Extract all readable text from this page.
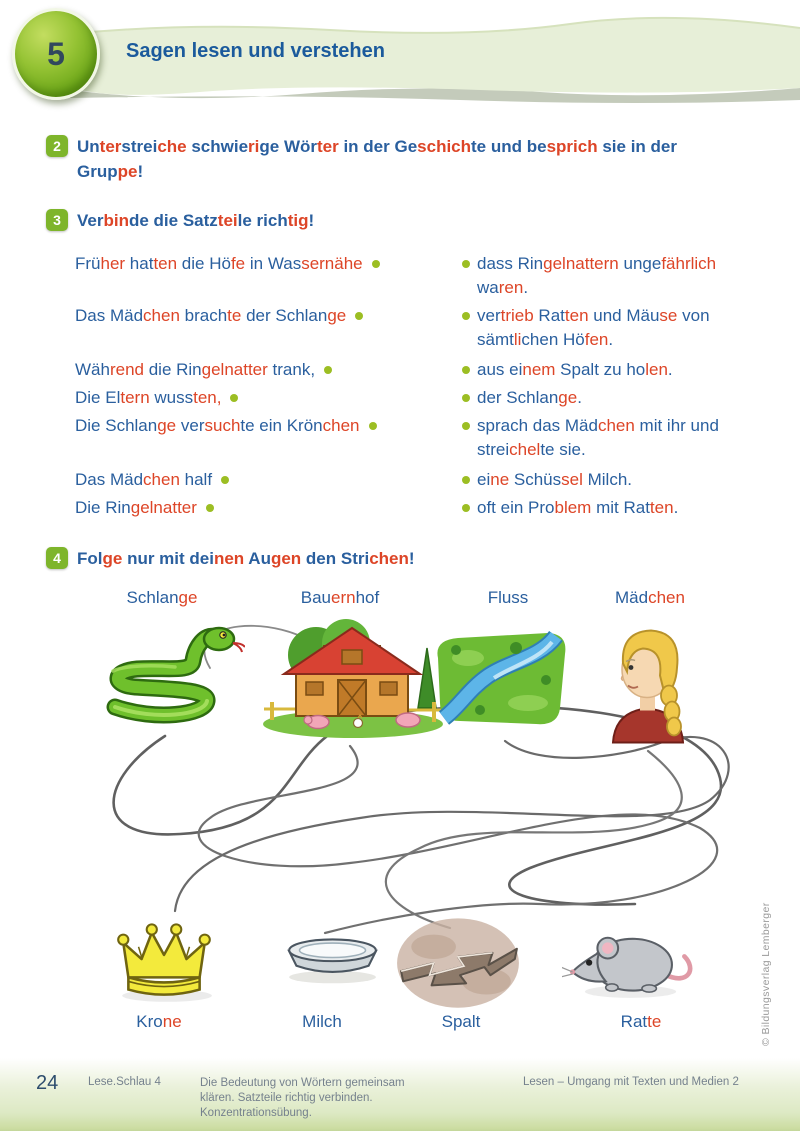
5	Sagen lesen und verstehen
2 Unterstreiche schwierige Wörter in der Geschichte und besprich sie in der
Gruppe!
3 Verbinde die Satzteile richtig!
Früher hatten die Höfe in Wassernähe	dass Ringelnattern ungefährlich
waren.
Das Mädchen brachte der Schlange	vertrieb Ratten und Mäuse von
sämtlichen Höfen.
Während die Ringelnatter trank,	aus einem Spalt zu holen.
Die Eltern wussten,	der Schlange.
Die Schlange versuchte ein Krönchen	sprach das Mädchen mit ihr und
streichelte sie.
Das Mädchen half	eine Schüssel Milch.
Die Ringelnatter	oft ein Problem mit Ratten.
4 Folge nur mit deinen Augen den Strichen!
Schlange	Bauernhof	Fluss	Mädchen
Krone	Milch	Spalt	Ratte	© Bildungsverlag Lemberger
24	Lese.Schlau 4	Die Bedeutung von Wörtern gemeinsam
klären. Satzteile richtig verbinden.
Konzentrationsübung.
Lesen – Umgang mit Texten und Medien 2
